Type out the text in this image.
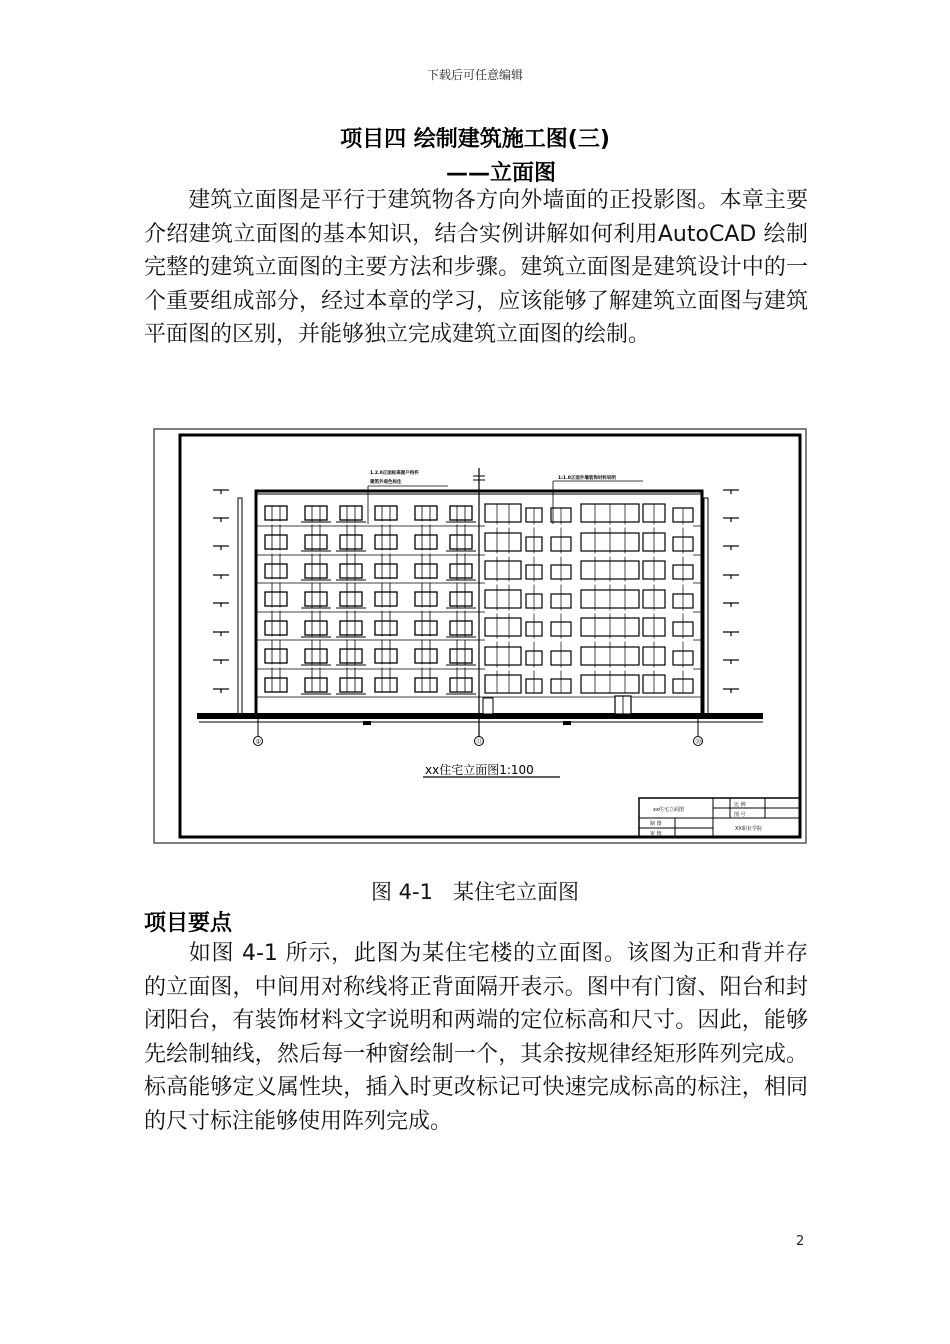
下载后可任意编辑
项目四 绘制建筑施工图(三)
——立面图
建筑立面图是平行于建筑物各方向外墙面的正投影图。本章主要介绍建筑立面图的基本知识，结合实例讲解如何利用AutoCAD 绘制完整的建筑立面图的主要方法和步骤。建筑立面图是建筑设计中的一个重要组成部分，经过本章的学习，应该能够了解建筑立面图与建筑平面图的区别，并能够独立完成建筑立面图的绘制。
1.2.0正面标高窗户构件
建筑外观色标注
1:1.0正面外墙装饰材料说明
①	⑪	⑳
xx住宅立面图1:100
xx住宅立面图
比 例
图 号
制 图
审 核
XX职业学院
图 4-1 某住宅立面图
项目要点
如图 4-1 所示，此图为某住宅楼的立面图。该图为正和背并存的立面图，中间用对称线将正背面隔开表示。图中有门窗、阳台和封闭阳台，有装饰材料文字说明和两端的定位标高和尺寸。因此，能够先绘制轴线，然后每一种窗绘制一个，其余按规律经矩形阵列完成。标高能够定义属性块，插入时更改标记可快速完成标高的标注，相同的尺寸标注能够使用阵列完成。
2
